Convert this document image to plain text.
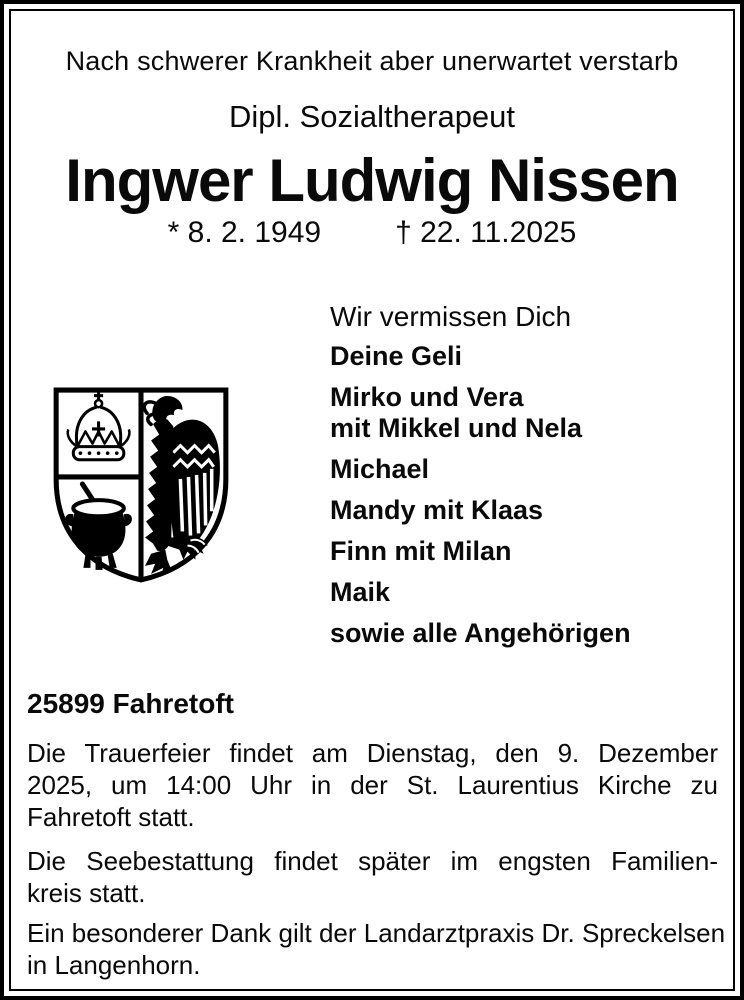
Nach schwerer Krankheit aber unerwartet verstarb
Dipl. Sozialtherapeut
Ingwer Ludwig Nissen
* 8. 2. 1949 † 22. 11.2025
Wir vermissen Dich
Deine Geli
Mirko und Vera
mit Mikkel und Nela
Michael
Mandy mit Klaas
Finn mit Milan
Maik
sowie alle Angehörigen
25899 Fahretoft
Die Trauerfeier findet am Dienstag, den 9. Dezember
2025, um 14:00 Uhr in der St. Laurentius Kirche zu
Fahretoft statt.
Die Seebestattung findet später im engsten Familien-
kreis statt.
Ein besonderer Dank gilt der Landarztpraxis Dr. Spreckelsen
in Langenhorn.
